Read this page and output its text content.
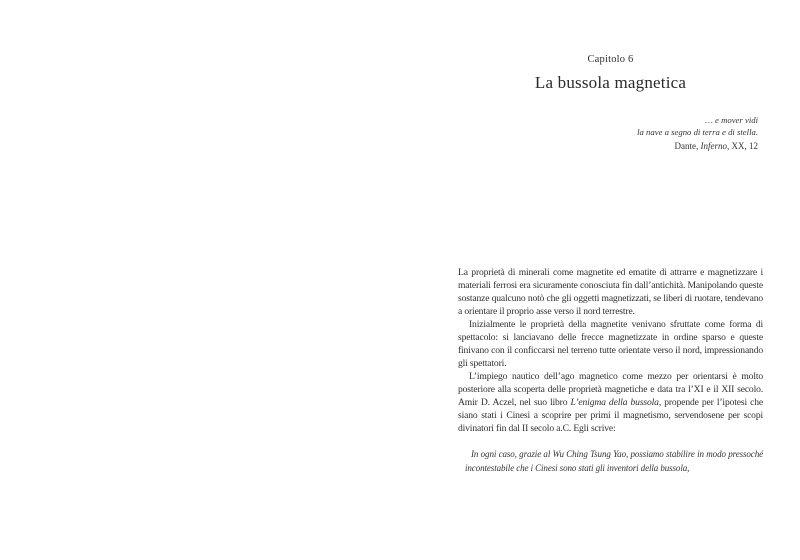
Capitolo 6
La bussola magnetica
… e mover vidi
la nave a segno di terra e di stella.
Dante, Inferno, XX, 12

La proprietà di minerali come magnetite ed ematite di attrarre e magnetizzare i materiali ferrosi era sicuramente conosciuta fin dall’antichità. Manipolando queste sostanze qualcuno notò che gli oggetti magnetizzati, se liberi di ruotare, tendevano a orientare il proprio asse verso il nord terrestre.

Inizialmente le proprietà della magnetite venivano sfruttate come forma di spettacolo: si lanciavano delle frecce magnetizzate in ordine sparso e queste finivano con il conficcarsi nel terreno tutte orientate verso il nord, impressionando gli spettatori.

L’impiego nautico dell’ago magnetico come mezzo per orientarsi è molto posteriore alla scoperta delle proprietà magnetiche e data tra l’XI e il XII secolo. Amir D. Aczel, nel suo libro L’enigma della bussola, propende per l’ipotesi che siano stati i Cinesi a scoprire per primi il magnetismo, servendosene per scopi divinatori fin dal II secolo a.C. Egli scrive:

In ogni caso, grazie al Wu Ching Tsung Yao, possiamo stabilire in modo pressoché incontestabile che i Cinesi sono stati gli inventori della bussola,
